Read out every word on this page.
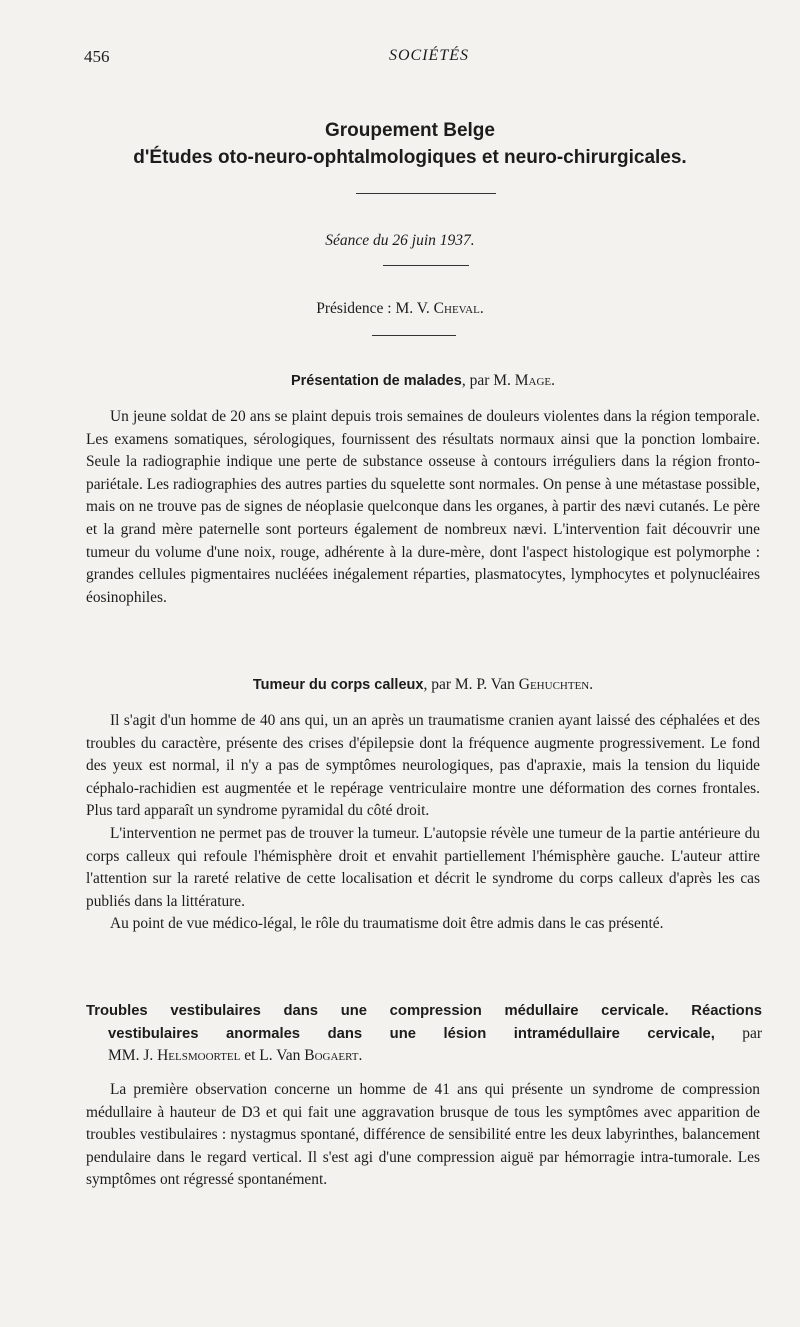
456	SOCIÉTÉS
Groupement Belge
d'Études oto-neuro-ophtalmologiques et neuro-chirurgicales.
Séance du 26 juin 1937.
Présidence : M. V. Cheval.

Présentation de malades, par M. Mage.

Un jeune soldat de 20 ans se plaint depuis trois semaines de douleurs violentes dans la région temporale. Les examens somatiques, sérologiques, fournissent des résultats normaux ainsi que la ponction lombaire. Seule la radiographie indique une perte de substance osseuse à contours irréguliers dans la région fronto-pariétale. Les radiographies des autres parties du squelette sont normales. On pense à une métastase possible, mais on ne trouve pas de signes de néoplasie quelconque dans les organes, à partir des nævi cutanés. Le père et la grand mère paternelle sont porteurs également de nombreux nævi. L'intervention fait découvrir une tumeur du volume d'une noix, rouge, adhérente à la dure-mère, dont l'aspect histologique est polymorphe : grandes cellules pigmentaires nucléées inégalement réparties, plasmatocytes, lymphocytes et polynucléaires éosinophiles.

Tumeur du corps calleux, par M. P. Van Gehuchten.

Il s'agit d'un homme de 40 ans qui, un an après un traumatisme cranien ayant laissé des céphalées et des troubles du caractère, présente des crises d'épilepsie dont la fréquence augmente progressivement. Le fond des yeux est normal, il n'y a pas de symptômes neurologiques, pas d'apraxie, mais la tension du liquide céphalo-rachidien est augmentée et le repérage ventriculaire montre une déformation des cornes frontales. Plus tard apparaît un syndrome pyramidal du côté droit.

L'intervention ne permet pas de trouver la tumeur. L'autopsie révèle une tumeur de la partie antérieure du corps calleux qui refoule l'hémisphère droit et envahit partiellement l'hémisphère gauche. L'auteur attire l'attention sur la rareté relative de cette localisation et décrit le syndrome du corps calleux d'après les cas publiés dans la littérature.

Au point de vue médico-légal, le rôle du traumatisme doit être admis dans le cas présenté.

Troubles vestibulaires dans une compression médullaire cervicale. Réactions
vestibulaires anormales dans une lésion intramédullaire cervicale, par
MM. J. Helsmoortel et L. Van Bogaert.

La première observation concerne un homme de 41 ans qui présente un syndrome de compression médullaire à hauteur de D3 et qui fait une aggravation brusque de tous les symptômes avec apparition de troubles vestibulaires : nystagmus spontané, différence de sensibilité entre les deux labyrinthes, balancement pendulaire dans le regard vertical. Il s'est agi d'une compression aiguë par hémorragie intra-tumorale. Les symptômes ont régressé spontanément.
